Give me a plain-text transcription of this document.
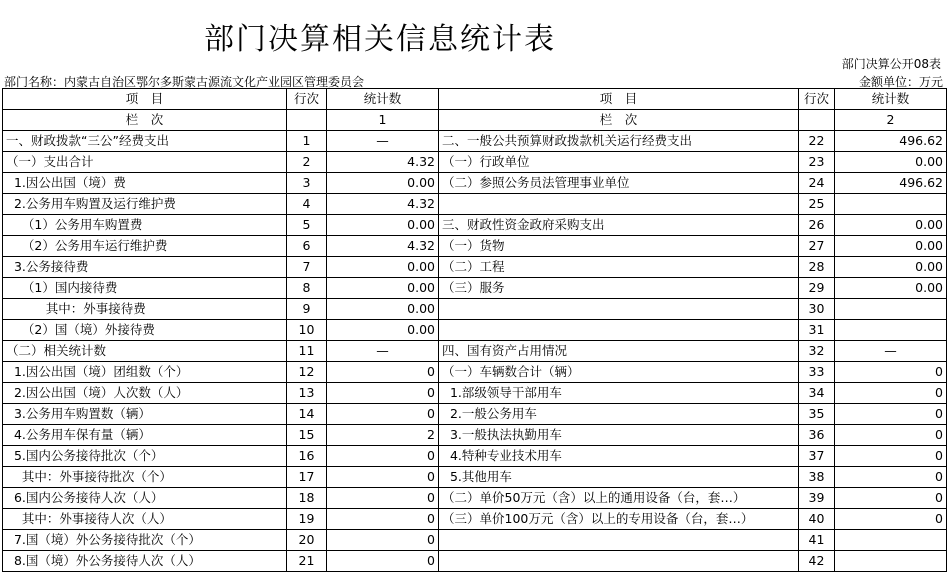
部门决算相关信息统计表
部门决算公开08表
部门名称：内蒙古自治区鄂尔多斯蒙古源流文化产业园区管理委员会	金额单位：万元
项　目	行次	统计数	项　目	行次	统计数
栏　次		1	栏　次		2
一、财政拨款“三公”经费支出	1	—	二、一般公共预算财政拨款机关运行经费支出	22	496.62
（一）支出合计	2	4.32	（一）行政单位	23	0.00
1.因公出国（境）费	3	0.00	（二）参照公务员法管理事业单位	24	496.62
2.公务用车购置及运行维护费	4	4.32		25	
（1）公务用车购置费	5	0.00	三、财政性资金政府采购支出	26	0.00
（2）公务用车运行维护费	6	4.32	（一）货物	27	0.00
3.公务接待费	7	0.00	（二）工程	28	0.00
（1）国内接待费	8	0.00	（三）服务	29	0.00
其中：外事接待费	9	0.00		30	
（2）国（境）外接待费	10	0.00		31	
（二）相关统计数	11	—	四、国有资产占用情况	32	—
1.因公出国（境）团组数（个）	12	0	（一）车辆数合计（辆）	33	0
2.因公出国（境）人次数（人）	13	0	1.部级领导干部用车	34	0
3.公务用车购置数（辆）	14	0	2.一般公务用车	35	0
4.公务用车保有量（辆）	15	2	3.一般执法执勤用车	36	0
5.国内公务接待批次（个）	16	0	4.特种专业技术用车	37	0
其中：外事接待批次（个）	17	0	5.其他用车	38	0
6.国内公务接待人次（人）	18	0	（二）单价50万元（含）以上的通用设备（台，套…）	39	0
其中：外事接待人次（人）	19	0	（三）单价100万元（含）以上的专用设备（台，套…）	40	0
7.国（境）外公务接待批次（个）	20	0		41	
8.国（境）外公务接待人次（人）	21	0		42	
